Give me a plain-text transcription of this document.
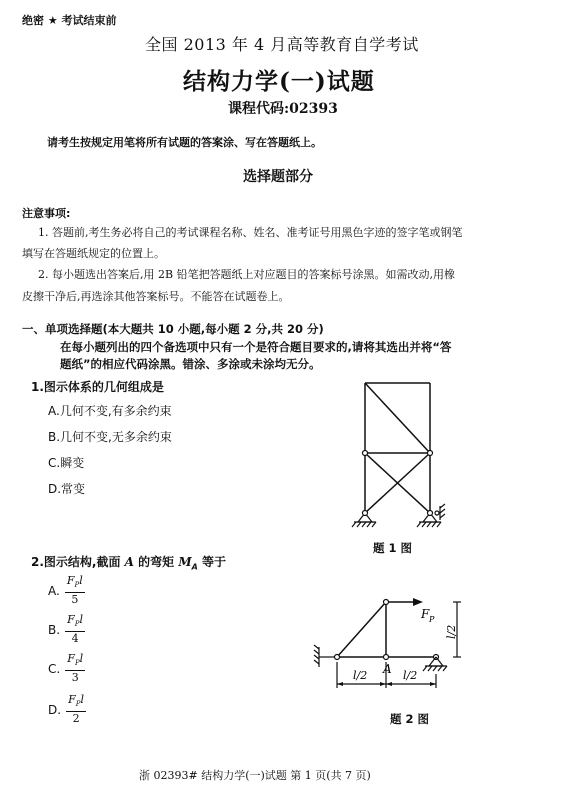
绝密 ★ 考试结束前
全国 2013 年 4 月高等教育自学考试
结构力学(一)试题
课程代码:02393
请考生按规定用笔将所有试题的答案涂、写在答题纸上。
选择题部分
注意事项:
1. 答题前,考生务必将自己的考试课程名称、姓名、准考证号用黑色字迹的签字笔或钢笔
填写在答题纸规定的位置上。
2. 每小题选出答案后,用 2B 铅笔把答题纸上对应题目的答案标号涂黑。如需改动,用橡
皮擦干净后,再选涂其他答案标号。不能答在试题卷上。
一、单项选择题(本大题共 10 小题,每小题 2 分,共 20 分)
在每小题列出的四个备选项中只有一个是符合题目要求的,请将其选出并将“答
题纸”的相应代码涂黑。错涂、多涂或未涂均无分。
1.图示体系的几何组成是
A.几何不变,有多余约束
B.几何不变,无多余约束
C.瞬变
D.常变
题 1 图
2.图示结构,截面 A 的弯矩 $M_A$ 等于
A. $\frac{F_Pl}{5}$
B. $\frac{F_Pl}{4}$
C. $\frac{F_Pl}{3}$
D. $\frac{F_Pl}{2}$
F P
A
l/2	l/2
l/2
题 2 图
浙 02393# 结构力学(一)试题 第 1 页(共 7 页)
